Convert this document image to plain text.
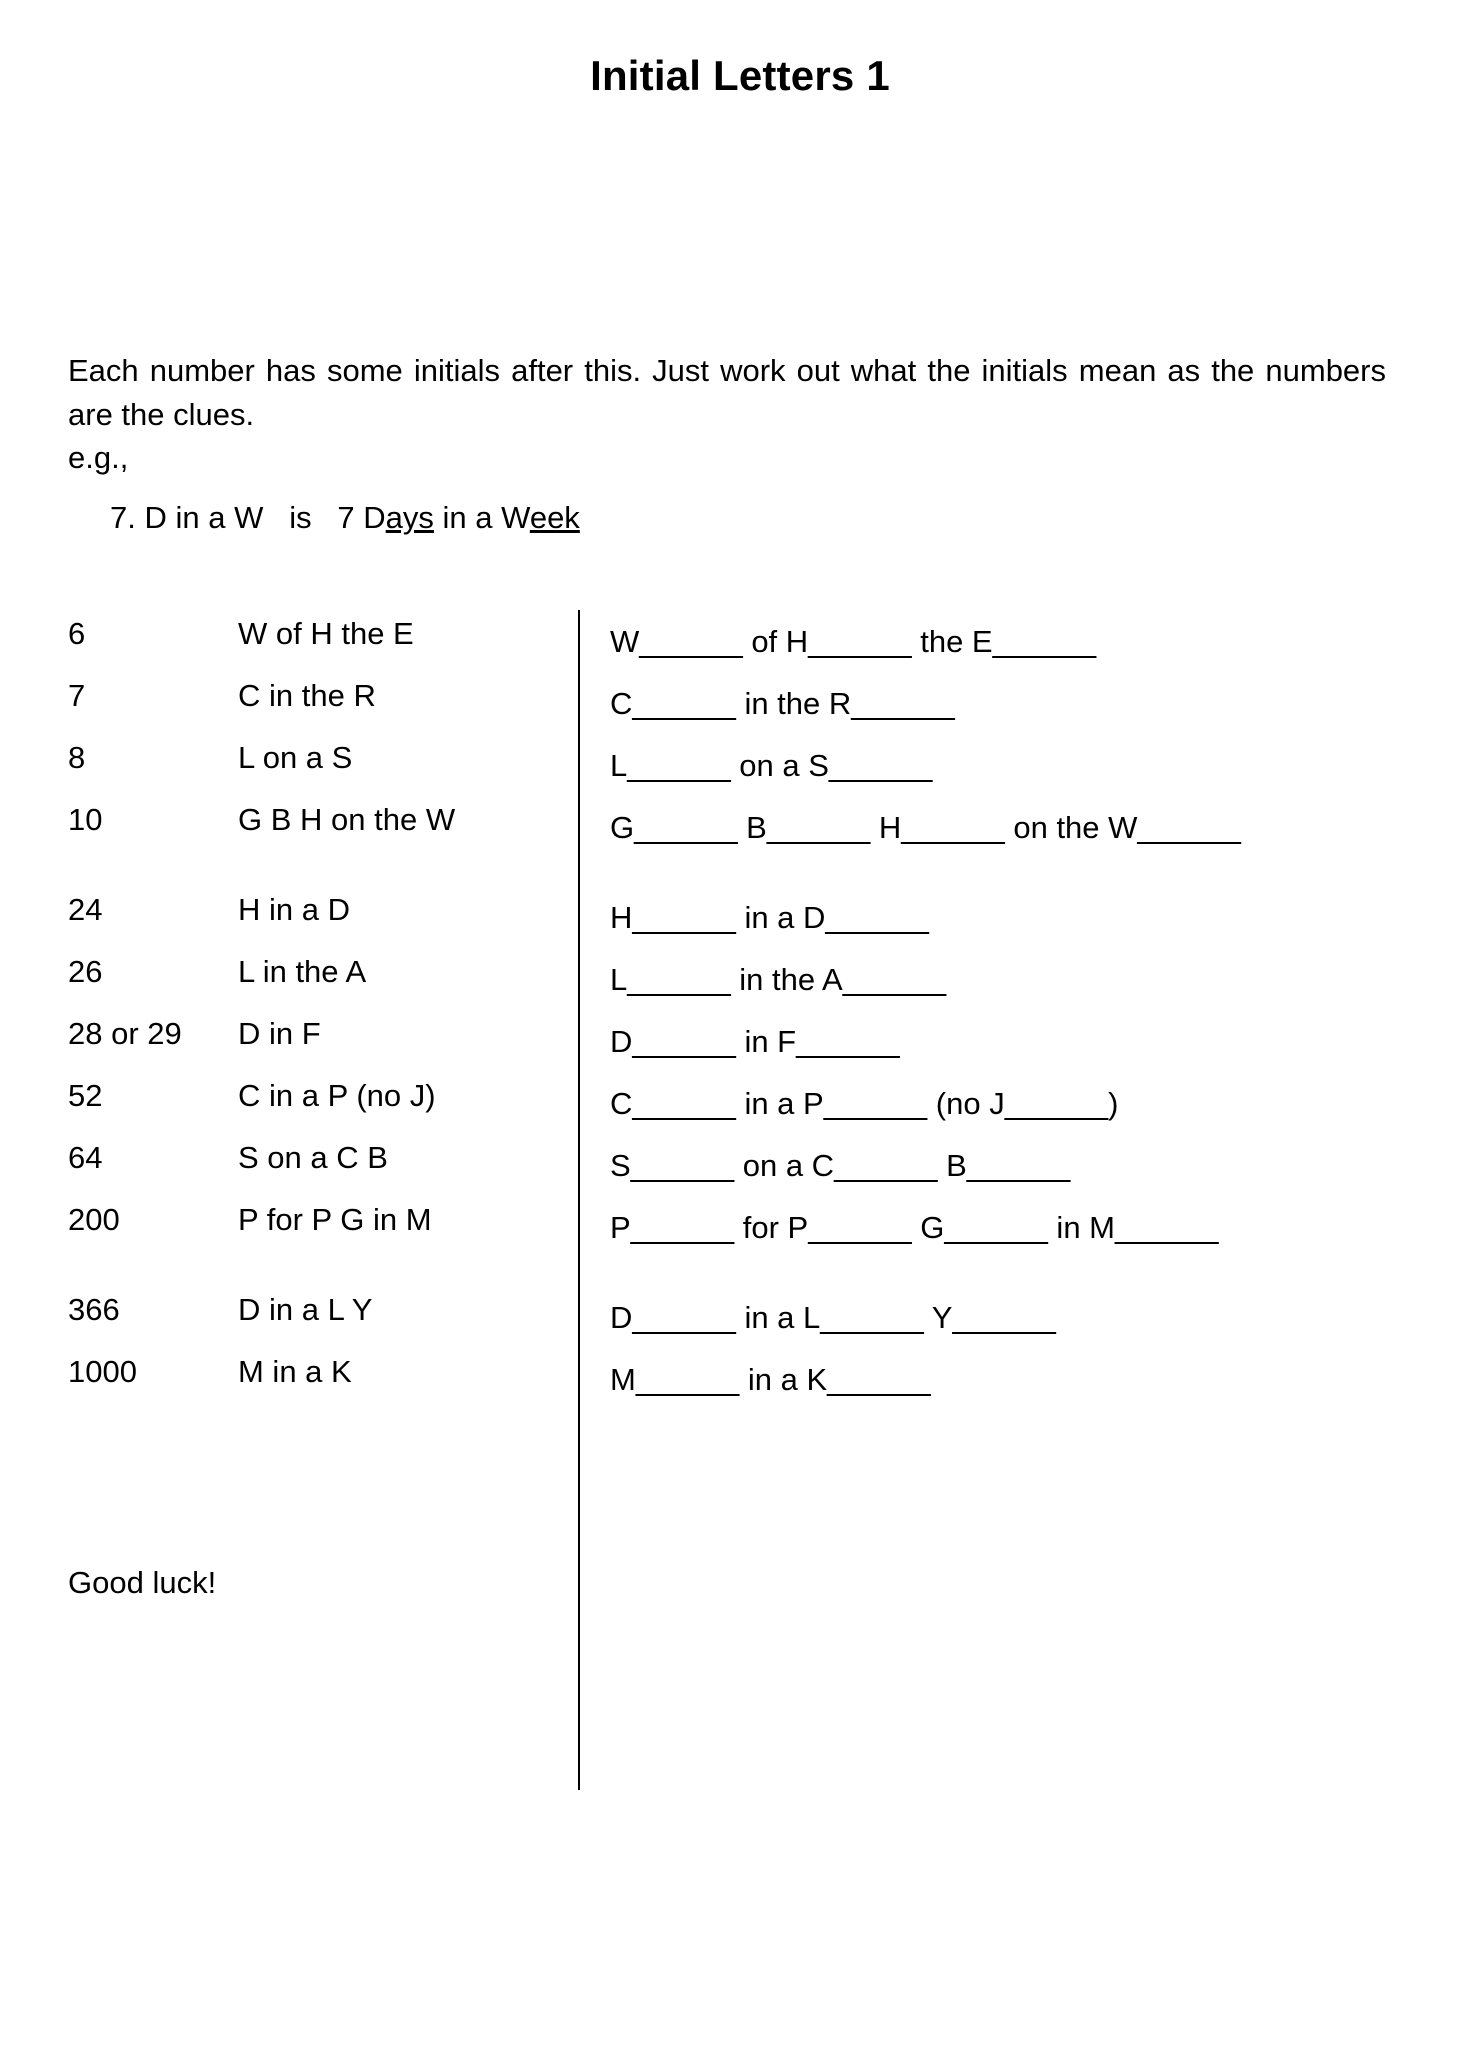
Initial Letters 1

Each number has some initials after this. Just work out what the initials mean as the numbers are the clues.

e.g.,
7. D in a W is 7 Days in a Week
6	W of H the E	W______ of H______ the E______
7	C in the R	C______ in the R______
8	L on a S	L______ on a S______
10	G B H on the W	G______ B______ H______ on the W______
24	H in a D	H______ in a D______
26	L in the A	L______ in the A______
28 or 29	D in F	D______ in F______
52	C in a P (no J)	C______ in a P______ (no J______)
64	S on a C B	S______ on a C______ B______
200	P for P G in M	P______ for P______ G______ in M______
366	D in a L Y	D______ in a L______ Y______
1000	M in a K	M______ in a K______
Good luck!
